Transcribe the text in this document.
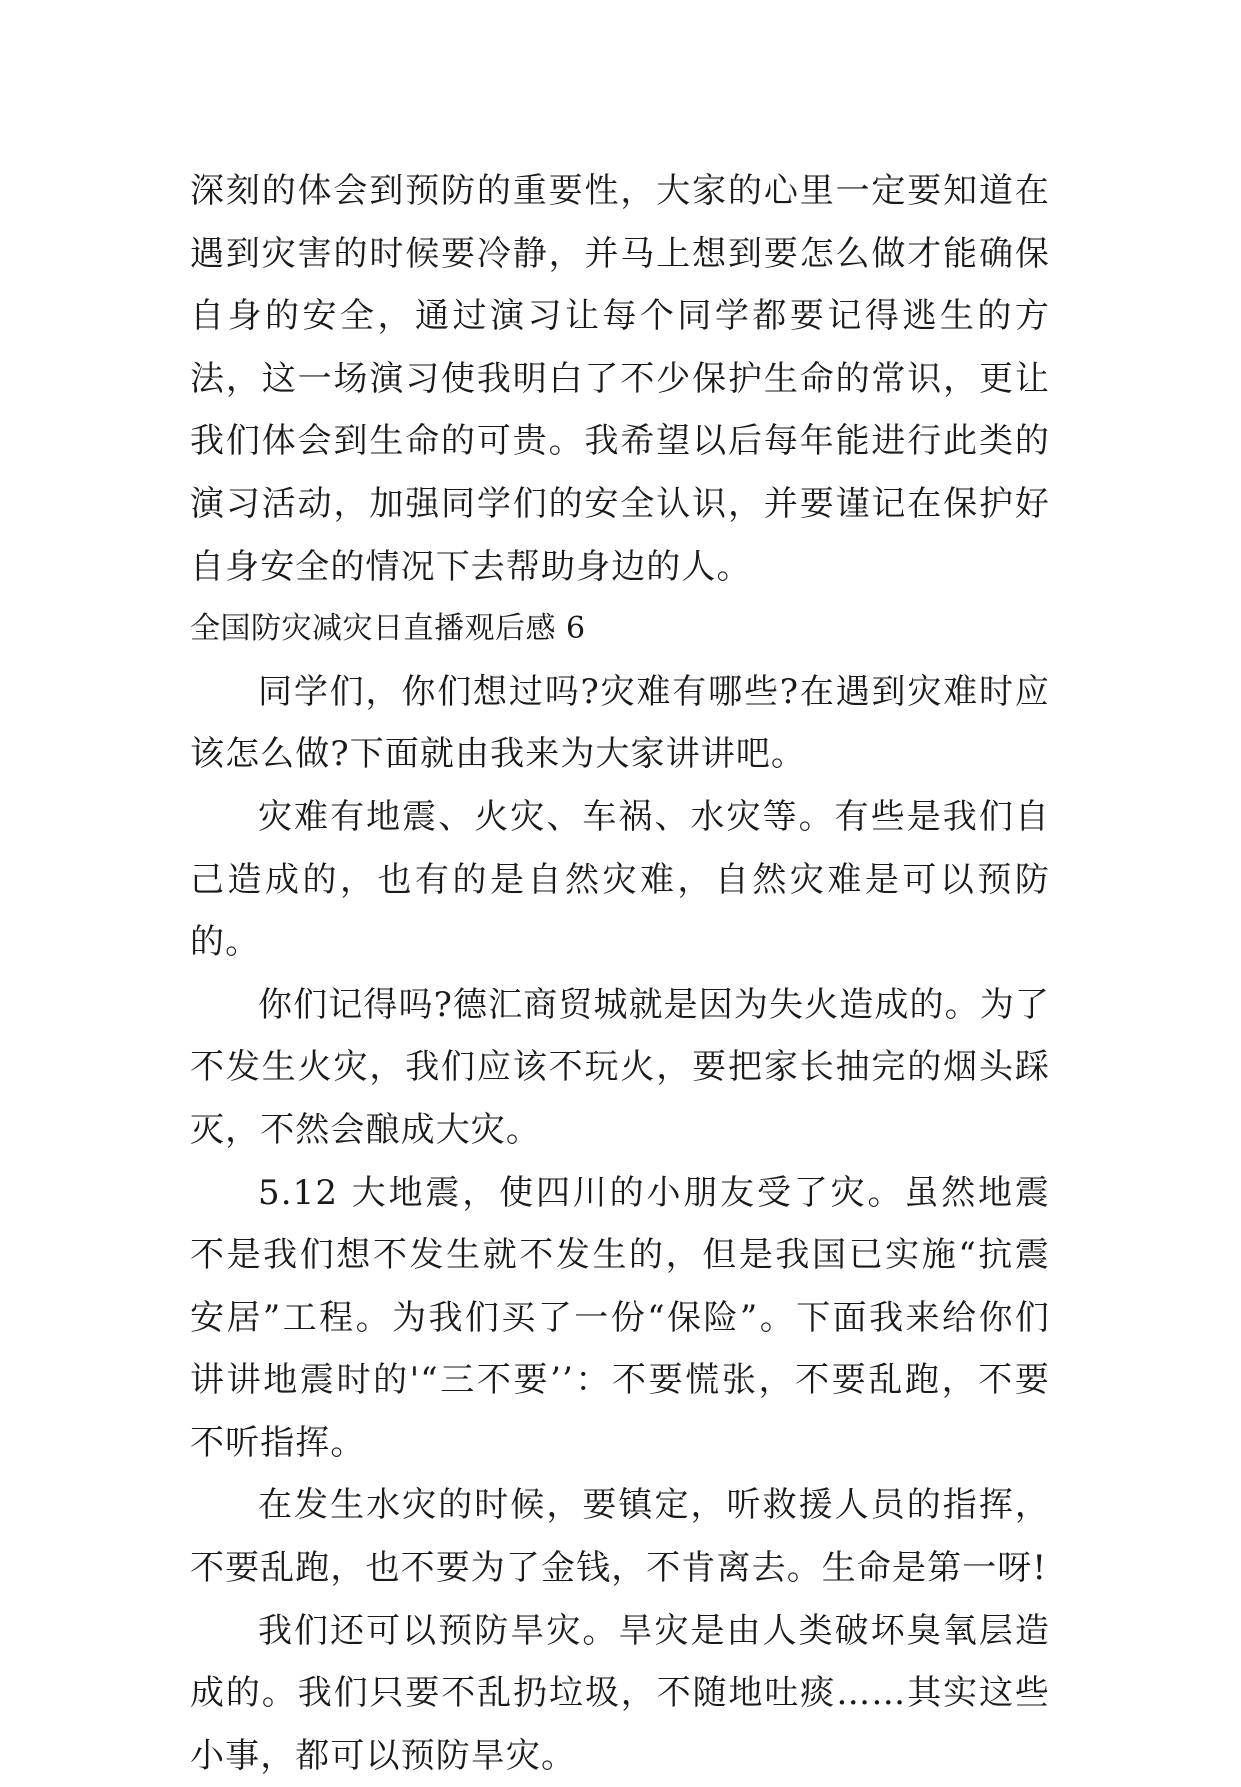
深刻的体会到预防的重要性，大家的心里一定要知道在遇到灾害的时候要冷静，并马上想到要怎么做才能确保自身的安全，通过演习让每个同学都要记得逃生的方法，这一场演习使我明白了不少保护生命的常识，更让我们体会到生命的可贵。我希望以后每年能进行此类的演习活动，加强同学们的安全认识，并要谨记在保护好自身安全的情况下去帮助身边的人。

全国防灾减灾日直播观后感 6

同学们，你们想过吗?灾难有哪些?在遇到灾难时应该怎么做?下面就由我来为大家讲讲吧。

灾难有地震、火灾、车祸、水灾等。有些是我们自己造成的，也有的是自然灾难，自然灾难是可以预防的。

你们记得吗?德汇商贸城就是因为失火造成的。为了不发生火灾，我们应该不玩火，要把家长抽完的烟头踩灭，不然会酿成大灾。

5.12 大地震，使四川的小朋友受了灾。虽然地震不是我们想不发生就不发生的，但是我国已实施“抗震安居”工程。为我们买了一份“保险”。下面我来给你们讲讲地震时的'“三不要’’：不要慌张，不要乱跑，不要不听指挥。

在发生水灾的时候，要镇定，听救援人员的指挥，不要乱跑，也不要为了金钱，不肯离去。生命是第一呀!

我们还可以预防旱灾。旱灾是由人类破坏臭氧层造成的。我们只要不乱扔垃圾，不随地吐痰……其实这些小事，都可以预防旱灾。
